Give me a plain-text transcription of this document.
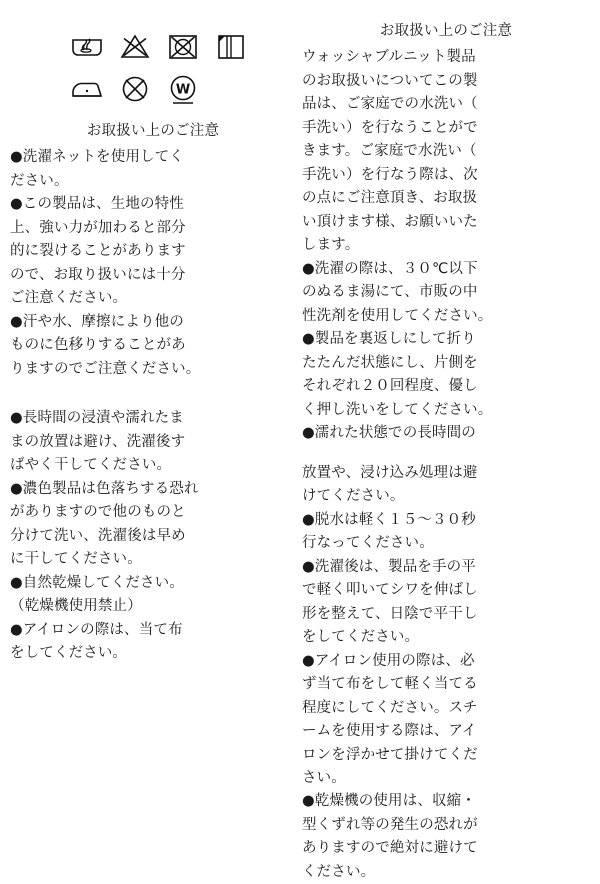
W
お取扱い上のご注意
●洗濯ネットを使用してく
ださい。
●この製品は、生地の特性
上、強い力が加わると部分
的に裂けることがあります
ので、お取り扱いには十分
ご注意ください。
●汗や水、摩擦により他の
ものに色移りすることがあ
りますのでご注意ください。
●長時間の浸漬や濡れたま
まの放置は避け、洗濯後す
ばやく干してください。
●濃色製品は色落ちする恐れ
がありますので他のものと
分けて洗い、洗濯後は早め
に干してください。
●自然乾燥してください。
（乾燥機使用禁止）
●アイロンの際は、当て布
をしてください。
お取扱い上のご注意
ウォッシャブルニット製品
のお取扱いについてこの製
品は、ご家庭での水洗い（
手洗い）を行なうことがで
きます。ご家庭で水洗い（
手洗い）を行なう際は、次
の点にご注意頂き、お取扱
い頂けます様、お願いいた
します。
●洗濯の際は、３０℃以下
のぬるま湯にて、市販の中
性洗剤を使用してください。
●製品を裏返しにして折り
たたんだ状態にし、片側を
それぞれ２０回程度、優し
く押し洗いをしてください。
●濡れた状態での長時間の
放置や、浸け込み処理は避
けてください。
●脱水は軽く１５～３０秒
行なってください。
●洗濯後は、製品を手の平
で軽く叩いてシワを伸ばし
形を整えて、日陰で平干し
をしてください。
●アイロン使用の際は、必
ず当て布をして軽く当てる
程度にしてください。スチ
ームを使用する際は、アイ
ロンを浮かせて掛けてくだ
さい。
●乾燥機の使用は、収縮・
型くずれ等の発生の恐れが
ありますので絶対に避けて
ください。
